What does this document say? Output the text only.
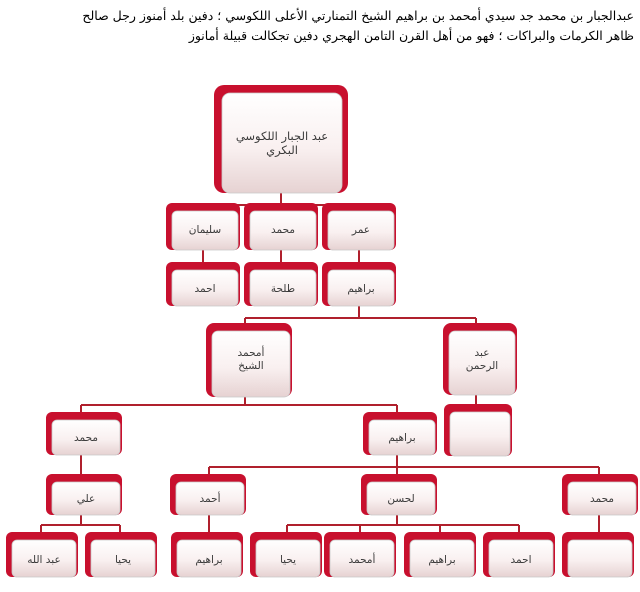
عبدالجبار بن محمد جد سيدي أمحمد بن براهيم الشيخ التمنارتي الأعلى اللكوسي ؛ دفين بلد أمنوز رجل صالح

ظاهر الكرمات والبراكات ؛ فهو من أهل القرن التامن الهجري دفين تجكالت قبيلة أمانوز

عبد الجبار اللكوسي البكري
سليمان	محمد	عمر
احمد	طلحة	براهيم
أمحمد الشيخ
عبد الرحمن
محمد	براهيم
علي	أحمد	لحسن	محمد
عبد الله	يحيا	براهيم	يحيا	أمحمد	براهيم	احمد
